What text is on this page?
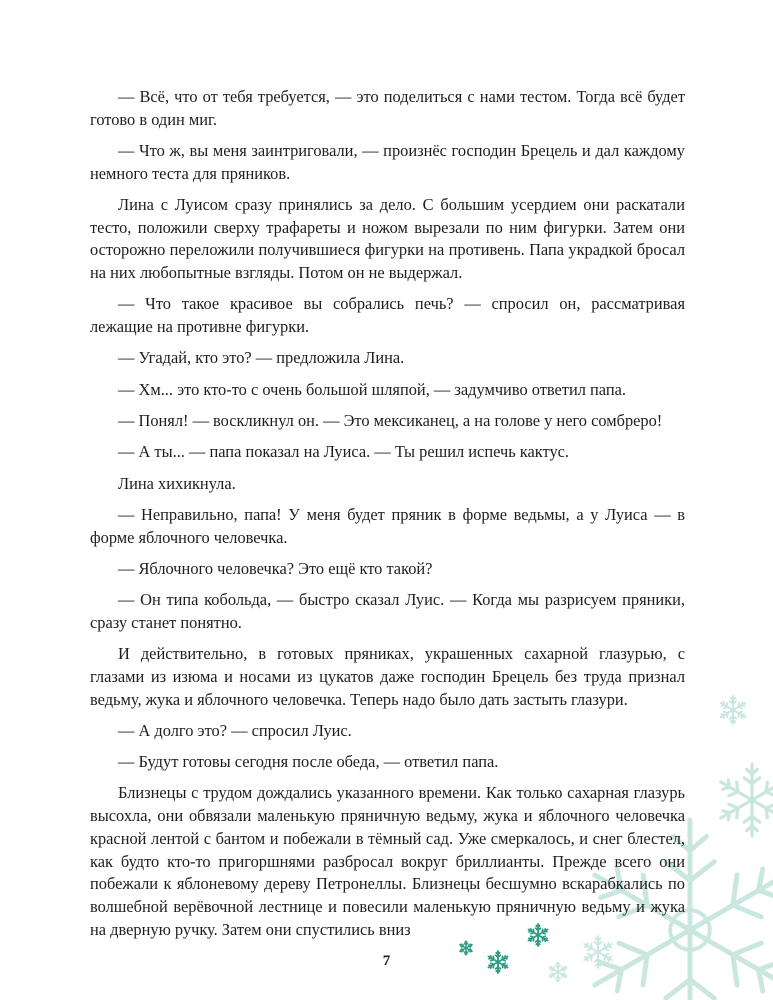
— Всё, что от тебя требуется, — это поделиться с нами тестом. Тогда всё будет готово в один миг.

— Что ж, вы меня заинтриговали, — произнёс господин Брецель и дал каждому немного теста для пряников.

Лина с Луисом сразу принялись за дело. С большим усердием они раскатали тесто, положили сверху трафареты и ножом вырезали по ним фигурки. Затем они осторожно переложили получившиеся фигурки на противень. Папа украдкой бросал на них любопытные взгляды. Потом он не выдержал.

— Что такое красивое вы собрались печь? — спросил он, рассматривая лежащие на противне фигурки.

— Угадай, кто это? — предложила Лина.

— Хм... это кто-то с очень большой шляпой, — задумчиво ответил папа.

— Понял! — воскликнул он. — Это мексиканец, а на голове у него сомбреро!

— А ты... — папа показал на Луиса. — Ты решил испечь кактус.

Лина хихикнула.

— Неправильно, папа! У меня будет пряник в форме ведьмы, а у Луиса — в форме яблочного человечка.

— Яблочного человечка? Это ещё кто такой?

— Он типа кобольда, — быстро сказал Луис. — Когда мы разрисуем пряники, сразу станет понятно.

И действительно, в готовых пряниках, украшенных сахарной глазурью, с глазами из изюма и носами из цукатов даже господин Брецель без труда признал ведьму, жука и яблочного человечка. Теперь надо было дать застыть глазури.

— А долго это? — спросил Луис.

— Будут готовы сегодня после обеда, — ответил папа.

Близнецы с трудом дождались указанного времени. Как только сахарная глазурь высохла, они обвязали маленькую пряничную ведьму, жука и яблочного человечка красной лентой с бантом и побежали в тёмный сад. Уже смеркалось, и снег блестел, как будто кто-то пригоршнями разбросал вокруг бриллианты. Прежде всего они побежали к яблоневому дереву Петронеллы. Близнецы бесшумно вскарабкались по волшебной верёвочной лестнице и повесили маленькую пряничную ведьму и жука на дверную ручку. Затем они спустились вниз

7
